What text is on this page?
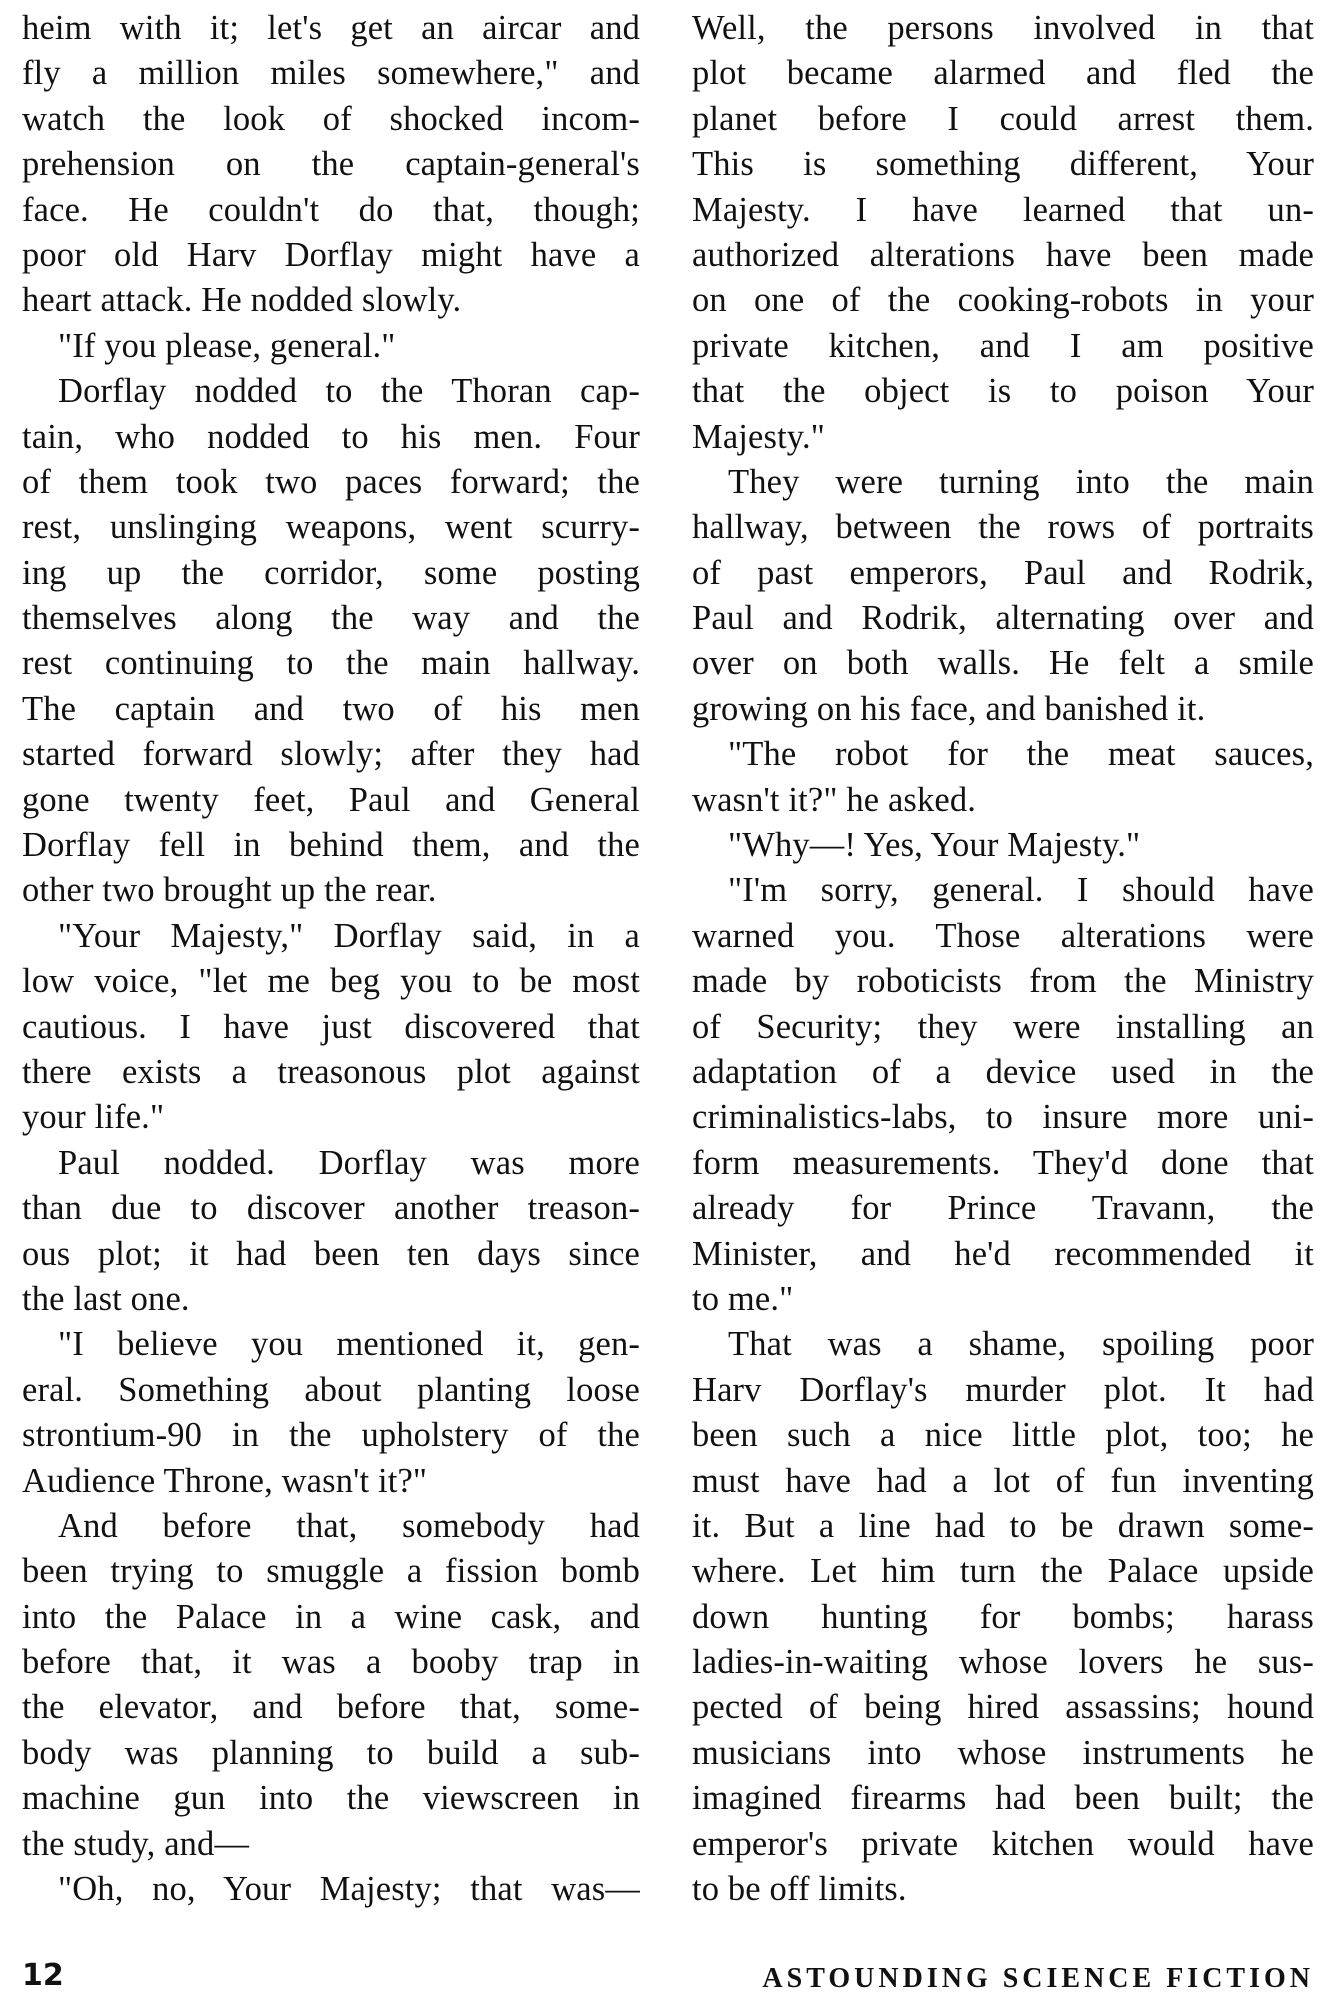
heim with it; let's get an aircar and
fly a million miles somewhere," and
watch the look of shocked incom-
prehension on the captain-general's
face. He couldn't do that, though;
poor old Harv Dorflay might have a
heart attack. He nodded slowly.
"If you please, general."
Dorflay nodded to the Thoran cap-
tain, who nodded to his men. Four
of them took two paces forward; the
rest, unslinging weapons, went scurry-
ing up the corridor, some posting
themselves along the way and the
rest continuing to the main hallway.
The captain and two of his men
started forward slowly; after they had
gone twenty feet, Paul and General
Dorflay fell in behind them, and the
other two brought up the rear.
"Your Majesty," Dorflay said, in a
low voice, "let me beg you to be most
cautious. I have just discovered that
there exists a treasonous plot against
your life."
Paul nodded. Dorflay was more
than due to discover another treason-
ous plot; it had been ten days since
the last one.
"I believe you mentioned it, gen-
eral. Something about planting loose
strontium-90 in the upholstery of the
Audience Throne, wasn't it?"
And before that, somebody had
been trying to smuggle a fission bomb
into the Palace in a wine cask, and
before that, it was a booby trap in
the elevator, and before that, some-
body was planning to build a sub-
machine gun into the viewscreen in
the study, and—
"Oh, no, Your Majesty; that was—
Well, the persons involved in that
plot became alarmed and fled the
planet before I could arrest them.
This is something different, Your
Majesty. I have learned that un-
authorized alterations have been made
on one of the cooking-robots in your
private kitchen, and I am positive
that the object is to poison Your
Majesty."
They were turning into the main
hallway, between the rows of portraits
of past emperors, Paul and Rodrik,
Paul and Rodrik, alternating over and
over on both walls. He felt a smile
growing on his face, and banished it.
"The robot for the meat sauces,
wasn't it?" he asked.
"Why—! Yes, Your Majesty."
"I'm sorry, general. I should have
warned you. Those alterations were
made by roboticists from the Ministry
of Security; they were installing an
adaptation of a device used in the
criminalistics-labs, to insure more uni-
form measurements. They'd done that
already for Prince Travann, the
Minister, and he'd recommended it
to me."
That was a shame, spoiling poor
Harv Dorflay's murder plot. It had
been such a nice little plot, too; he
must have had a lot of fun inventing
it. But a line had to be drawn some-
where. Let him turn the Palace upside
down hunting for bombs; harass
ladies-in-waiting whose lovers he sus-
pected of being hired assassins; hound
musicians into whose instruments he
imagined firearms had been built; the
emperor's private kitchen would have
to be off limits.
12	ASTOUNDING SCIENCE FICTION
